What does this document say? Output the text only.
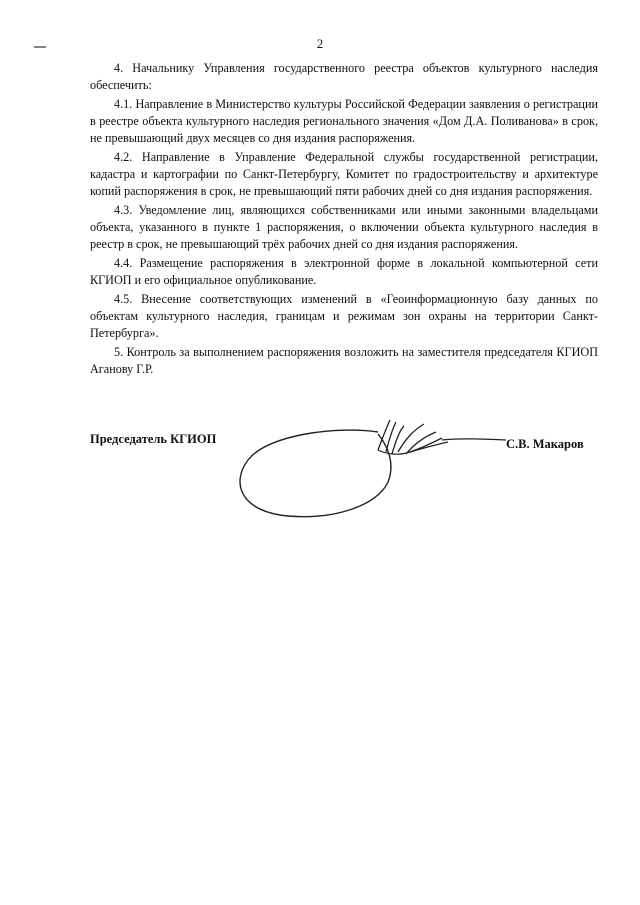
2

4. Начальнику Управления государственного реестра объектов культурного наследия обеспечить:

4.1. Направление в Министерство культуры Российской Федерации заявления о регистрации в реестре объекта культурного наследия регионального значения «Дом Д.А. Поливанова» в срок, не превышающий двух месяцев со дня издания распоряжения.

4.2. Направление в Управление Федеральной службы государственной регистрации, кадастра и картографии по Санкт-Петербургу, Комитет по градостроительству и архитектуре копий распоряжения в срок, не превышающий пяти рабочих дней со дня издания распоряжения.

4.3. Уведомление лиц, являющихся собственниками или иными законными владельцами объекта, указанного в пункте 1 распоряжения, о включении объекта культурного наследия в реестр в срок, не превышающий трёх рабочих дней со дня издания распоряжения.

4.4. Размещение распоряжения в электронной форме в локальной компьютерной сети КГИОП и его официальное опубликование.

4.5. Внесение соответствующих изменений в «Геоинформационную базу данных по объектам культурного наследия, границам и режимам зон охраны на территории Санкт-Петербурга».

5. Контроль за выполнением распоряжения возложить на заместителя председателя КГИОП Аганову Г.Р.

Председатель КГИОП	С.В. Макаров
